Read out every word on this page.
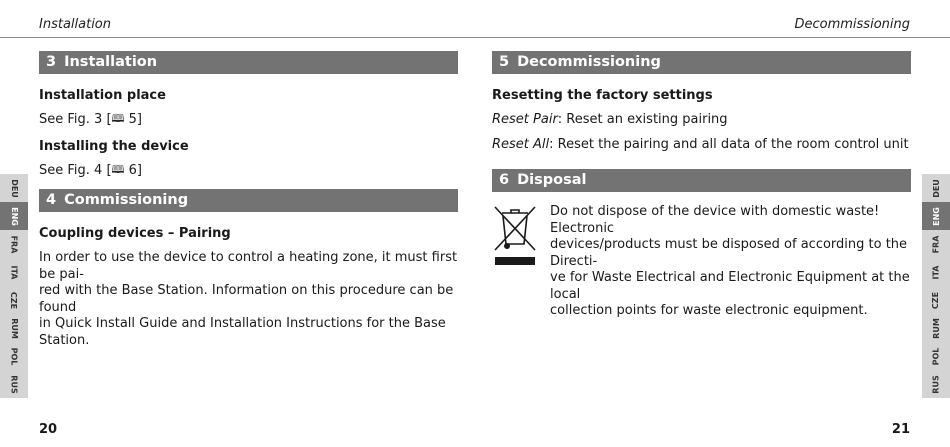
Installation	Decommissioning
3 Installation

Installation place

See Fig. 3 [🕮 5]

Installing the device

See Fig. 4 [🕮 6]

4 Commissioning

Coupling devices – Pairing

In order to use the device to control a heating zone, it must first be pai-

red with the Base Station. Information on this procedure can be found

in Quick Install Guide and Installation Instructions for the Base Station.

5 Decommissioning

Resetting the factory settings

Reset Pair: Reset an existing pairing

Reset All: Reset the pairing and all data of the room control unit

6 Disposal

Do not dispose of the device with domestic waste! Electronic

devices/products must be disposed of according to the Directi-

ve for Waste Electrical and Electronic Equipment at the local

collection points for waste electronic equipment.

DEU
ENG
FRA
ITA
CZE
RUM
POL
RUS
DEU
ENG
FRA
ITA
CZE
RUM
POL
RUS
20	21
